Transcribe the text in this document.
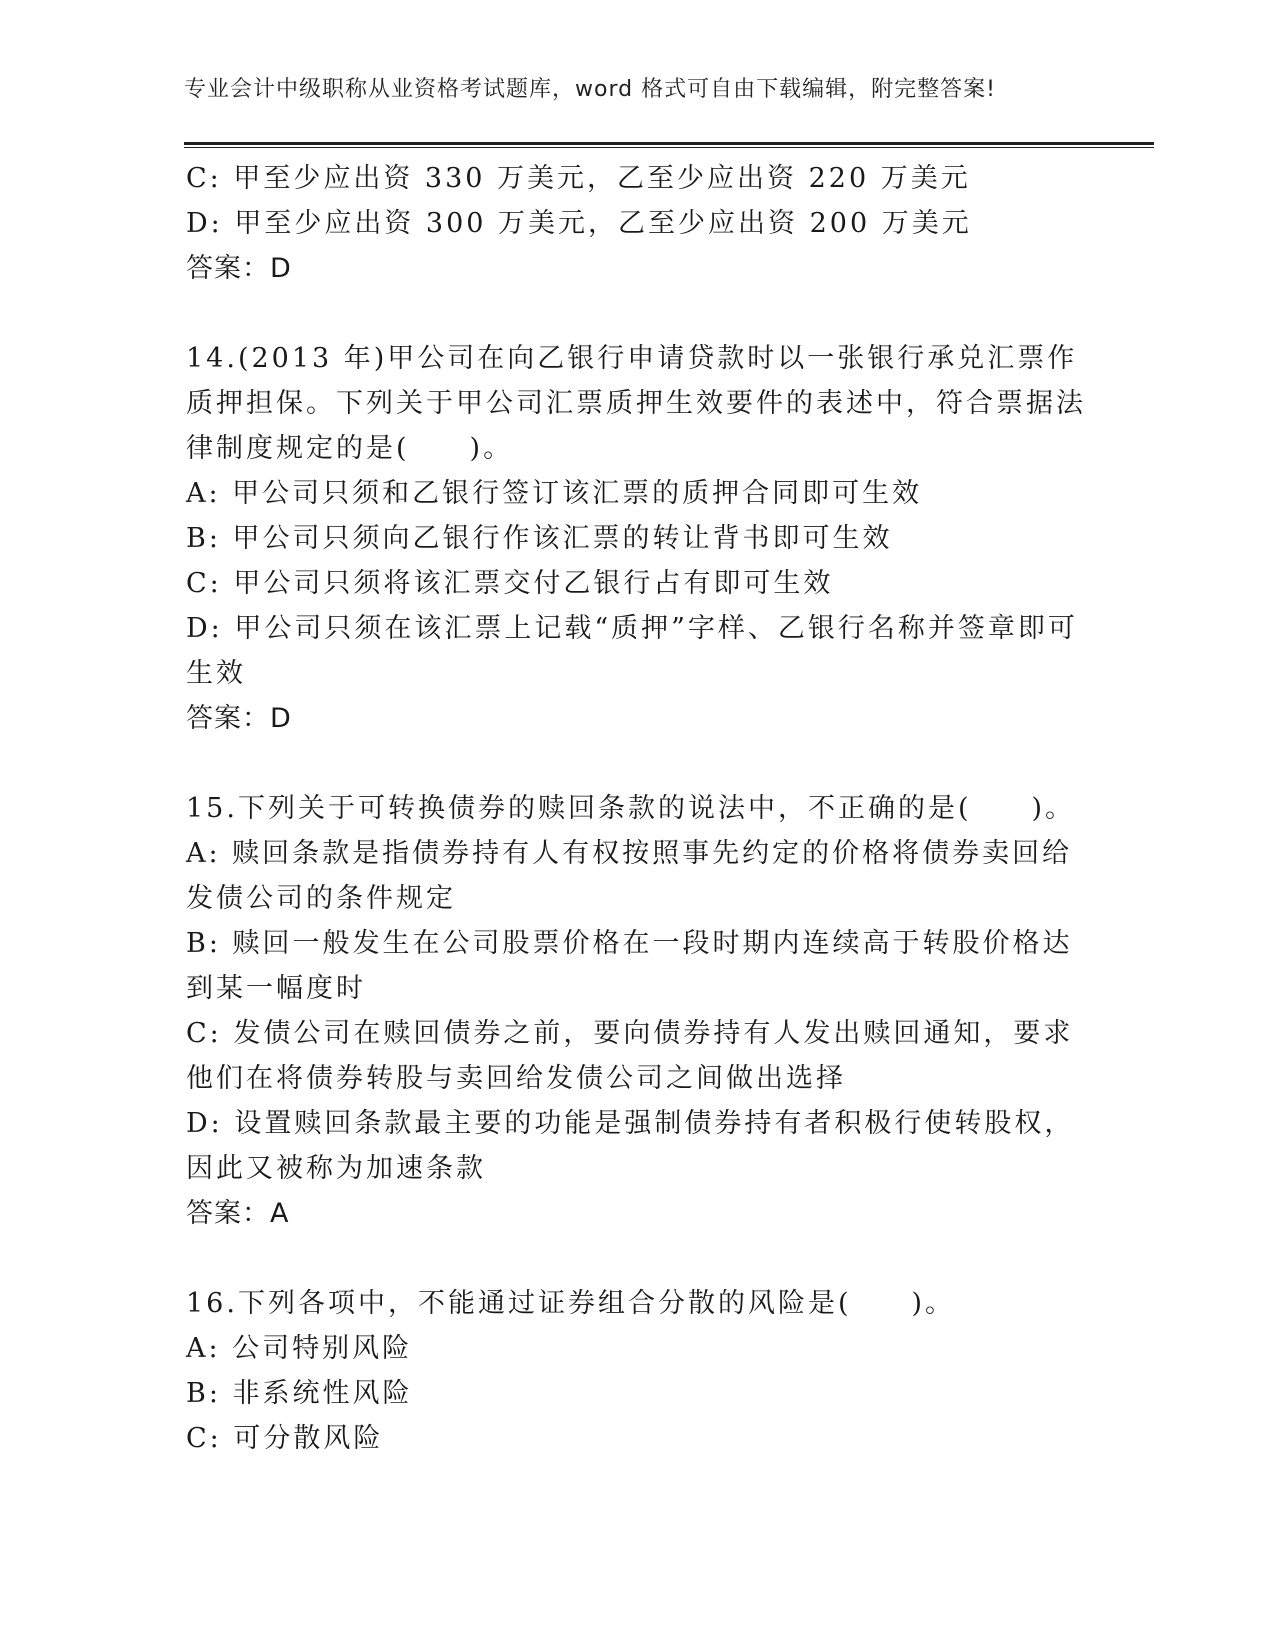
专业会计中级职称从业资格考试题库，word 格式可自由下载编辑，附完整答案!
C: 甲至少应出资 330 万美元，乙至少应出资 220 万美元
D: 甲至少应出资 300 万美元，乙至少应出资 200 万美元
答案：D
14.(2013 年)甲公司在向乙银行申请贷款时以一张银行承兑汇票作质押担保。下列关于甲公司汇票质押生效要件的表述中，符合票据法律制度规定的是(　　)。
A: 甲公司只须和乙银行签订该汇票的质押合同即可生效
B: 甲公司只须向乙银行作该汇票的转让背书即可生效
C: 甲公司只须将该汇票交付乙银行占有即可生效
D: 甲公司只须在该汇票上记载“质押”字样、乙银行名称并签章即可生效
答案：D
15.下列关于可转换债券的赎回条款的说法中，不正确的是(　　)。
A: 赎回条款是指债券持有人有权按照事先约定的价格将债券卖回给发债公司的条件规定
B: 赎回一般发生在公司股票价格在一段时期内连续高于转股价格达到某一幅度时
C: 发债公司在赎回债券之前，要向债券持有人发出赎回通知，要求他们在将债券转股与卖回给发债公司之间做出选择
D: 设置赎回条款最主要的功能是强制债券持有者积极行使转股权，因此又被称为加速条款
答案：A
16.下列各项中，不能通过证券组合分散的风险是(　　)。
A: 公司特别风险
B: 非系统性风险
C: 可分散风险
